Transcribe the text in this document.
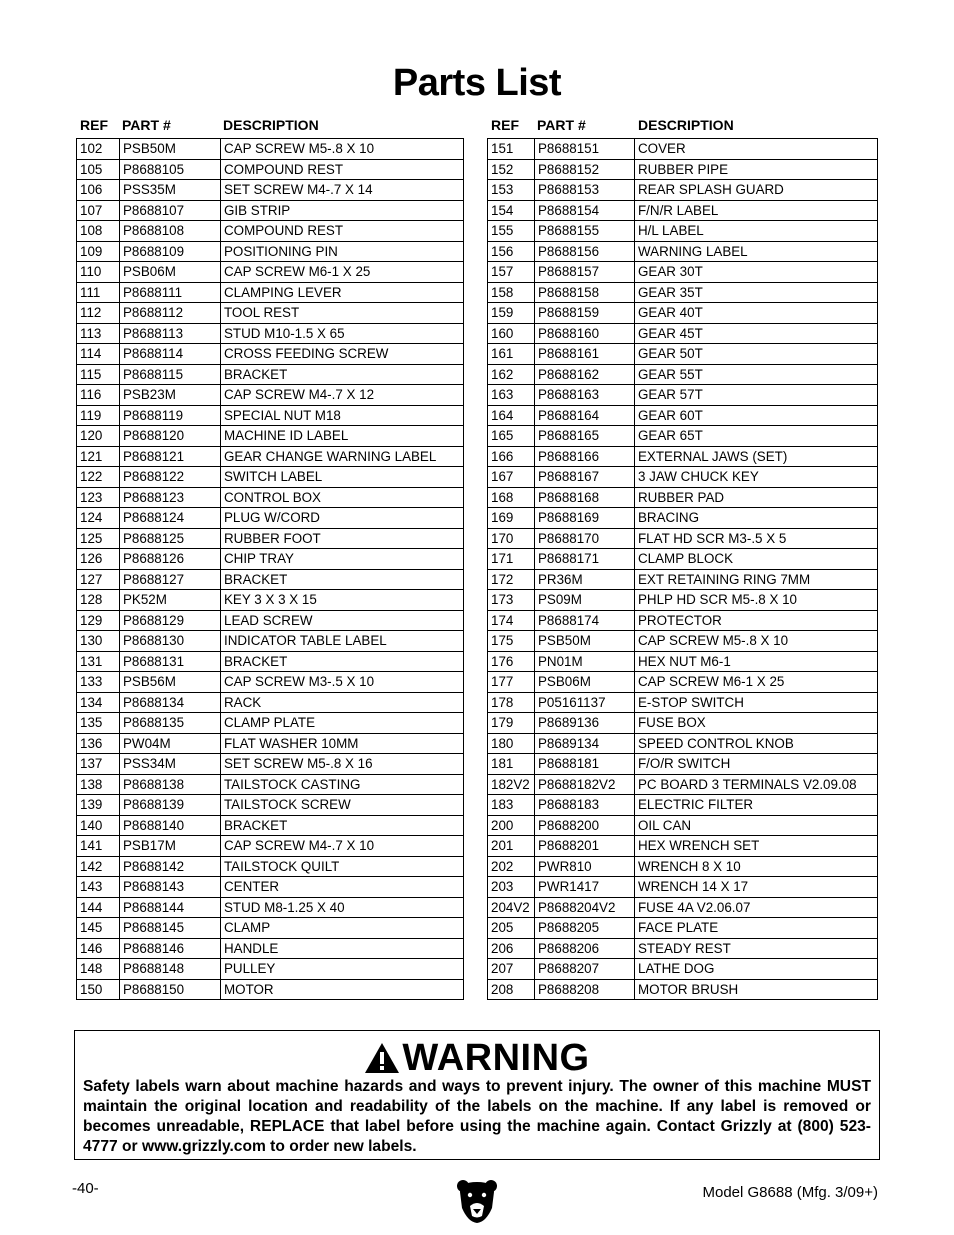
Parts List
REF PART #	DESCRIPTION
102	PSB50M	CAP SCREW M5-.8 X 10
105	P8688105	COMPOUND REST
106	PSS35M	SET SCREW M4-.7 X 14
107	P8688107	GIB STRIP
108	P8688108	COMPOUND REST
109	P8688109	POSITIONING PIN
110	PSB06M	CAP SCREW M6-1 X 25
111	P8688111	CLAMPING LEVER
112	P8688112	TOOL REST
113	P8688113	STUD M10-1.5 X 65
114	P8688114	CROSS FEEDING SCREW
115	P8688115	BRACKET
116	PSB23M	CAP SCREW M4-.7 X 12
119	P8688119	SPECIAL NUT M18
120	P8688120	MACHINE ID LABEL
121	P8688121	GEAR CHANGE WARNING LABEL
122	P8688122	SWITCH LABEL
123	P8688123	CONTROL BOX
124	P8688124	PLUG W/CORD
125	P8688125	RUBBER FOOT
126	P8688126	CHIP TRAY
127	P8688127	BRACKET
128	PK52M	KEY 3 X 3 X 15
129	P8688129	LEAD SCREW
130	P8688130	INDICATOR TABLE LABEL
131	P8688131	BRACKET
133	PSB56M	CAP SCREW M3-.5 X 10
134	P8688134	RACK
135	P8688135	CLAMP PLATE
136	PW04M	FLAT WASHER 10MM
137	PSS34M	SET SCREW M5-.8 X 16
138	P8688138	TAILSTOCK CASTING
139	P8688139	TAILSTOCK SCREW
140	P8688140	BRACKET
141	PSB17M	CAP SCREW M4-.7 X 10
142	P8688142	TAILSTOCK QUILT
143	P8688143	CENTER
144	P8688144	STUD M8-1.25 X 40
145	P8688145	CLAMP
146	P8688146	HANDLE
148	P8688148	PULLEY
150	P8688150	MOTOR
REF PART #	DESCRIPTION
151	P8688151	COVER
152	P8688152	RUBBER PIPE
153	P8688153	REAR SPLASH GUARD
154	P8688154	F/N/R LABEL
155	P8688155	H/L LABEL
156	P8688156	WARNING LABEL
157	P8688157	GEAR 30T
158	P8688158	GEAR 35T
159	P8688159	GEAR 40T
160	P8688160	GEAR 45T
161	P8688161	GEAR 50T
162	P8688162	GEAR 55T
163	P8688163	GEAR 57T
164	P8688164	GEAR 60T
165	P8688165	GEAR 65T
166	P8688166	EXTERNAL JAWS (SET)
167	P8688167	3 JAW CHUCK KEY
168	P8688168	RUBBER PAD
169	P8688169	BRACING
170	P8688170	FLAT HD SCR M3-.5 X 5
171	P8688171	CLAMP BLOCK
172	PR36M	EXT RETAINING RING 7MM
173	PS09M	PHLP HD SCR M5-.8 X 10
174	P8688174	PROTECTOR
175	PSB50M	CAP SCREW M5-.8 X 10
176	PN01M	HEX NUT M6-1
177	PSB06M	CAP SCREW M6-1 X 25
178	P05161137	E-STOP SWITCH
179	P8689136	FUSE BOX
180	P8689134	SPEED CONTROL KNOB
181	P8688181	F/O/R SWITCH
182V2	P8688182V2	PC BOARD 3 TERMINALS V2.09.08
183	P8688183	ELECTRIC FILTER
200	P8688200	OIL CAN
201	P8688201	HEX WRENCH SET
202	PWR810	WRENCH 8 X 10
203	PWR1417	WRENCH 14 X 17
204V2	P8688204V2	FUSE 4A V2.06.07
205	P8688205	FACE PLATE
206	P8688206	STEADY REST
207	P8688207	LATHE DOG
208	P8688208	MOTOR BRUSH
WARNING
Safety labels warn about machine hazards and ways to prevent injury. The owner of this machine MUST maintain the original location and readability of the labels on the machine. If any label is removed or becomes unreadable, REPLACE that label before using the machine again. Contact Grizzly at (800) 523-4777 or www.grizzly.com to order new labels.
-40-	Model G8688 (Mfg. 3/09+)
